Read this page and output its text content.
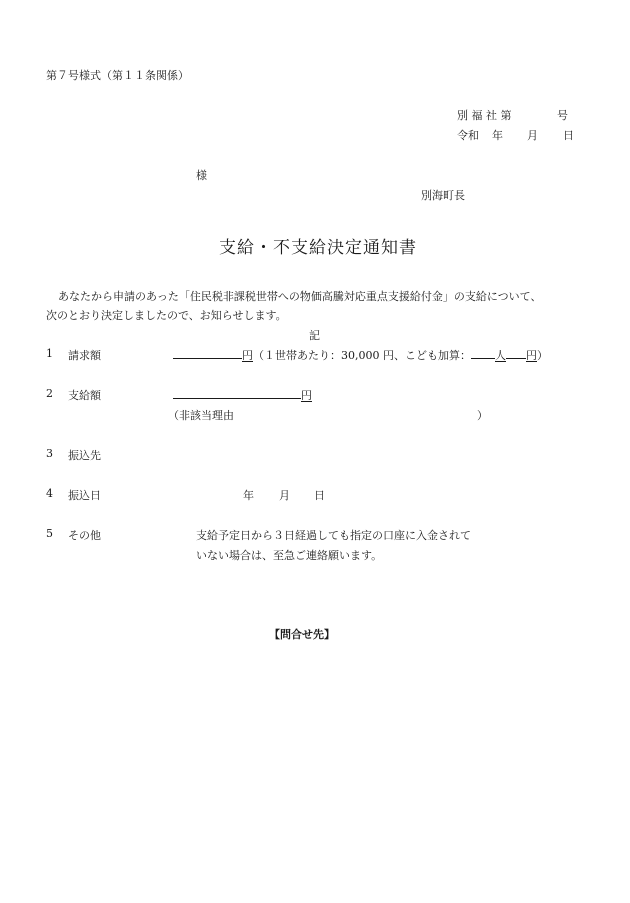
第７号様式（第１１条関係）
別 福 社 第	号
令和 年 月 日
様
別海町長
支給・不支給決定通知書
あなたから申請のあった「住民税非課税世帯への物価高騰対応重点支援給付金」の支給について、
次のとおり決定しましたので、お知らせします。
記
1 請求額	円（１世帯あたり：30,000 円、こども加算： 人 円）
2 支給額	円
（非該当理由	）
3 振込先
4 振込日	年 月 日
5 その他	支給予定日から３日経過しても指定の口座に入金されて
いない場合は、至急ご連絡願います。
【問合せ先】
